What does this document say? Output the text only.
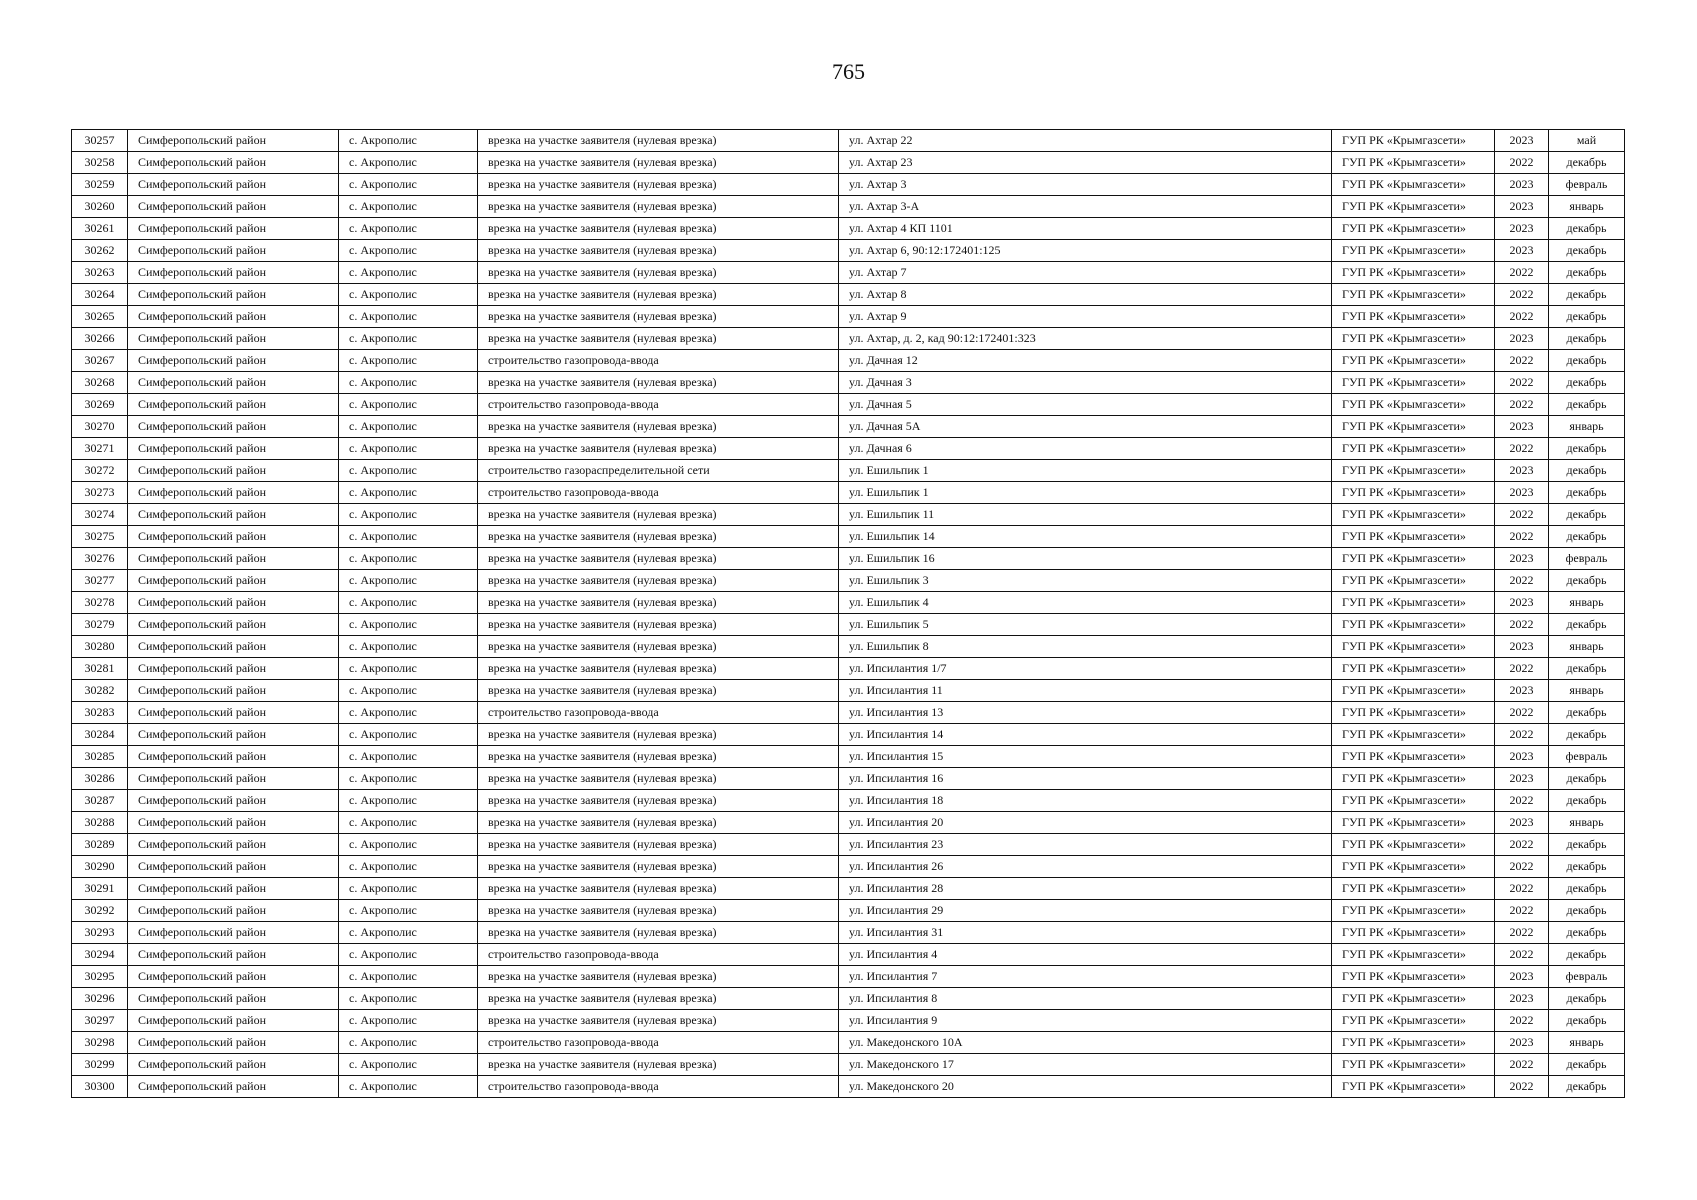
765
30257	Симферопольский район	с. Акрополис	врезка на участке заявителя (нулевая врезка)	ул. Ахтар 22	ГУП РК «Крымгазсети»	2023	май
30258	Симферопольский район	с. Акрополис	врезка на участке заявителя (нулевая врезка)	ул. Ахтар 23	ГУП РК «Крымгазсети»	2022	декабрь
30259	Симферопольский район	с. Акрополис	врезка на участке заявителя (нулевая врезка)	ул. Ахтар 3	ГУП РК «Крымгазсети»	2023	февраль
30260	Симферопольский район	с. Акрополис	врезка на участке заявителя (нулевая врезка)	ул. Ахтар 3-А	ГУП РК «Крымгазсети»	2023	январь
30261	Симферопольский район	с. Акрополис	врезка на участке заявителя (нулевая врезка)	ул. Ахтар 4 КП 1101	ГУП РК «Крымгазсети»	2023	декабрь
30262	Симферопольский район	с. Акрополис	врезка на участке заявителя (нулевая врезка)	ул. Ахтар 6, 90:12:172401:125	ГУП РК «Крымгазсети»	2023	декабрь
30263	Симферопольский район	с. Акрополис	врезка на участке заявителя (нулевая врезка)	ул. Ахтар 7	ГУП РК «Крымгазсети»	2022	декабрь
30264	Симферопольский район	с. Акрополис	врезка на участке заявителя (нулевая врезка)	ул. Ахтар 8	ГУП РК «Крымгазсети»	2022	декабрь
30265	Симферопольский район	с. Акрополис	врезка на участке заявителя (нулевая врезка)	ул. Ахтар 9	ГУП РК «Крымгазсети»	2022	декабрь
30266	Симферопольский район	с. Акрополис	врезка на участке заявителя (нулевая врезка)	ул. Ахтар, д. 2, кад 90:12:172401:323	ГУП РК «Крымгазсети»	2023	декабрь
30267	Симферопольский район	с. Акрополис	строительство газопровода-ввода	ул. Дачная 12	ГУП РК «Крымгазсети»	2022	декабрь
30268	Симферопольский район	с. Акрополис	врезка на участке заявителя (нулевая врезка)	ул. Дачная 3	ГУП РК «Крымгазсети»	2022	декабрь
30269	Симферопольский район	с. Акрополис	строительство газопровода-ввода	ул. Дачная 5	ГУП РК «Крымгазсети»	2022	декабрь
30270	Симферопольский район	с. Акрополис	врезка на участке заявителя (нулевая врезка)	ул. Дачная 5А	ГУП РК «Крымгазсети»	2023	январь
30271	Симферопольский район	с. Акрополис	врезка на участке заявителя (нулевая врезка)	ул. Дачная 6	ГУП РК «Крымгазсети»	2022	декабрь
30272	Симферопольский район	с. Акрополис	строительство газораспределительной сети	ул. Ешильпик 1	ГУП РК «Крымгазсети»	2023	декабрь
30273	Симферопольский район	с. Акрополис	строительство газопровода-ввода	ул. Ешильпик 1	ГУП РК «Крымгазсети»	2023	декабрь
30274	Симферопольский район	с. Акрополис	врезка на участке заявителя (нулевая врезка)	ул. Ешильпик 11	ГУП РК «Крымгазсети»	2022	декабрь
30275	Симферопольский район	с. Акрополис	врезка на участке заявителя (нулевая врезка)	ул. Ешильпик 14	ГУП РК «Крымгазсети»	2022	декабрь
30276	Симферопольский район	с. Акрополис	врезка на участке заявителя (нулевая врезка)	ул. Ешильпик 16	ГУП РК «Крымгазсети»	2023	февраль
30277	Симферопольский район	с. Акрополис	врезка на участке заявителя (нулевая врезка)	ул. Ешильпик 3	ГУП РК «Крымгазсети»	2022	декабрь
30278	Симферопольский район	с. Акрополис	врезка на участке заявителя (нулевая врезка)	ул. Ешильпик 4	ГУП РК «Крымгазсети»	2023	январь
30279	Симферопольский район	с. Акрополис	врезка на участке заявителя (нулевая врезка)	ул. Ешильпик 5	ГУП РК «Крымгазсети»	2022	декабрь
30280	Симферопольский район	с. Акрополис	врезка на участке заявителя (нулевая врезка)	ул. Ешильпик 8	ГУП РК «Крымгазсети»	2023	январь
30281	Симферопольский район	с. Акрополис	врезка на участке заявителя (нулевая врезка)	ул. Ипсилантия 1/7	ГУП РК «Крымгазсети»	2022	декабрь
30282	Симферопольский район	с. Акрополис	врезка на участке заявителя (нулевая врезка)	ул. Ипсилантия 11	ГУП РК «Крымгазсети»	2023	январь
30283	Симферопольский район	с. Акрополис	строительство газопровода-ввода	ул. Ипсилантия 13	ГУП РК «Крымгазсети»	2022	декабрь
30284	Симферопольский район	с. Акрополис	врезка на участке заявителя (нулевая врезка)	ул. Ипсилантия 14	ГУП РК «Крымгазсети»	2022	декабрь
30285	Симферопольский район	с. Акрополис	врезка на участке заявителя (нулевая врезка)	ул. Ипсилантия 15	ГУП РК «Крымгазсети»	2023	февраль
30286	Симферопольский район	с. Акрополис	врезка на участке заявителя (нулевая врезка)	ул. Ипсилантия 16	ГУП РК «Крымгазсети»	2023	декабрь
30287	Симферопольский район	с. Акрополис	врезка на участке заявителя (нулевая врезка)	ул. Ипсилантия 18	ГУП РК «Крымгазсети»	2022	декабрь
30288	Симферопольский район	с. Акрополис	врезка на участке заявителя (нулевая врезка)	ул. Ипсилантия 20	ГУП РК «Крымгазсети»	2023	январь
30289	Симферопольский район	с. Акрополис	врезка на участке заявителя (нулевая врезка)	ул. Ипсилантия 23	ГУП РК «Крымгазсети»	2022	декабрь
30290	Симферопольский район	с. Акрополис	врезка на участке заявителя (нулевая врезка)	ул. Ипсилантия 26	ГУП РК «Крымгазсети»	2022	декабрь
30291	Симферопольский район	с. Акрополис	врезка на участке заявителя (нулевая врезка)	ул. Ипсилантия 28	ГУП РК «Крымгазсети»	2022	декабрь
30292	Симферопольский район	с. Акрополис	врезка на участке заявителя (нулевая врезка)	ул. Ипсилантия 29	ГУП РК «Крымгазсети»	2022	декабрь
30293	Симферопольский район	с. Акрополис	врезка на участке заявителя (нулевая врезка)	ул. Ипсилантия 31	ГУП РК «Крымгазсети»	2022	декабрь
30294	Симферопольский район	с. Акрополис	строительство газопровода-ввода	ул. Ипсилантия 4	ГУП РК «Крымгазсети»	2022	декабрь
30295	Симферопольский район	с. Акрополис	врезка на участке заявителя (нулевая врезка)	ул. Ипсилантия 7	ГУП РК «Крымгазсети»	2023	февраль
30296	Симферопольский район	с. Акрополис	врезка на участке заявителя (нулевая врезка)	ул. Ипсилантия 8	ГУП РК «Крымгазсети»	2023	декабрь
30297	Симферопольский район	с. Акрополис	врезка на участке заявителя (нулевая врезка)	ул. Ипсилантия 9	ГУП РК «Крымгазсети»	2022	декабрь
30298	Симферопольский район	с. Акрополис	строительство газопровода-ввода	ул. Македонского 10А	ГУП РК «Крымгазсети»	2023	январь
30299	Симферопольский район	с. Акрополис	врезка на участке заявителя (нулевая врезка)	ул. Македонского 17	ГУП РК «Крымгазсети»	2022	декабрь
30300	Симферопольский район	с. Акрополис	строительство газопровода-ввода	ул. Македонского 20	ГУП РК «Крымгазсети»	2022	декабрь
